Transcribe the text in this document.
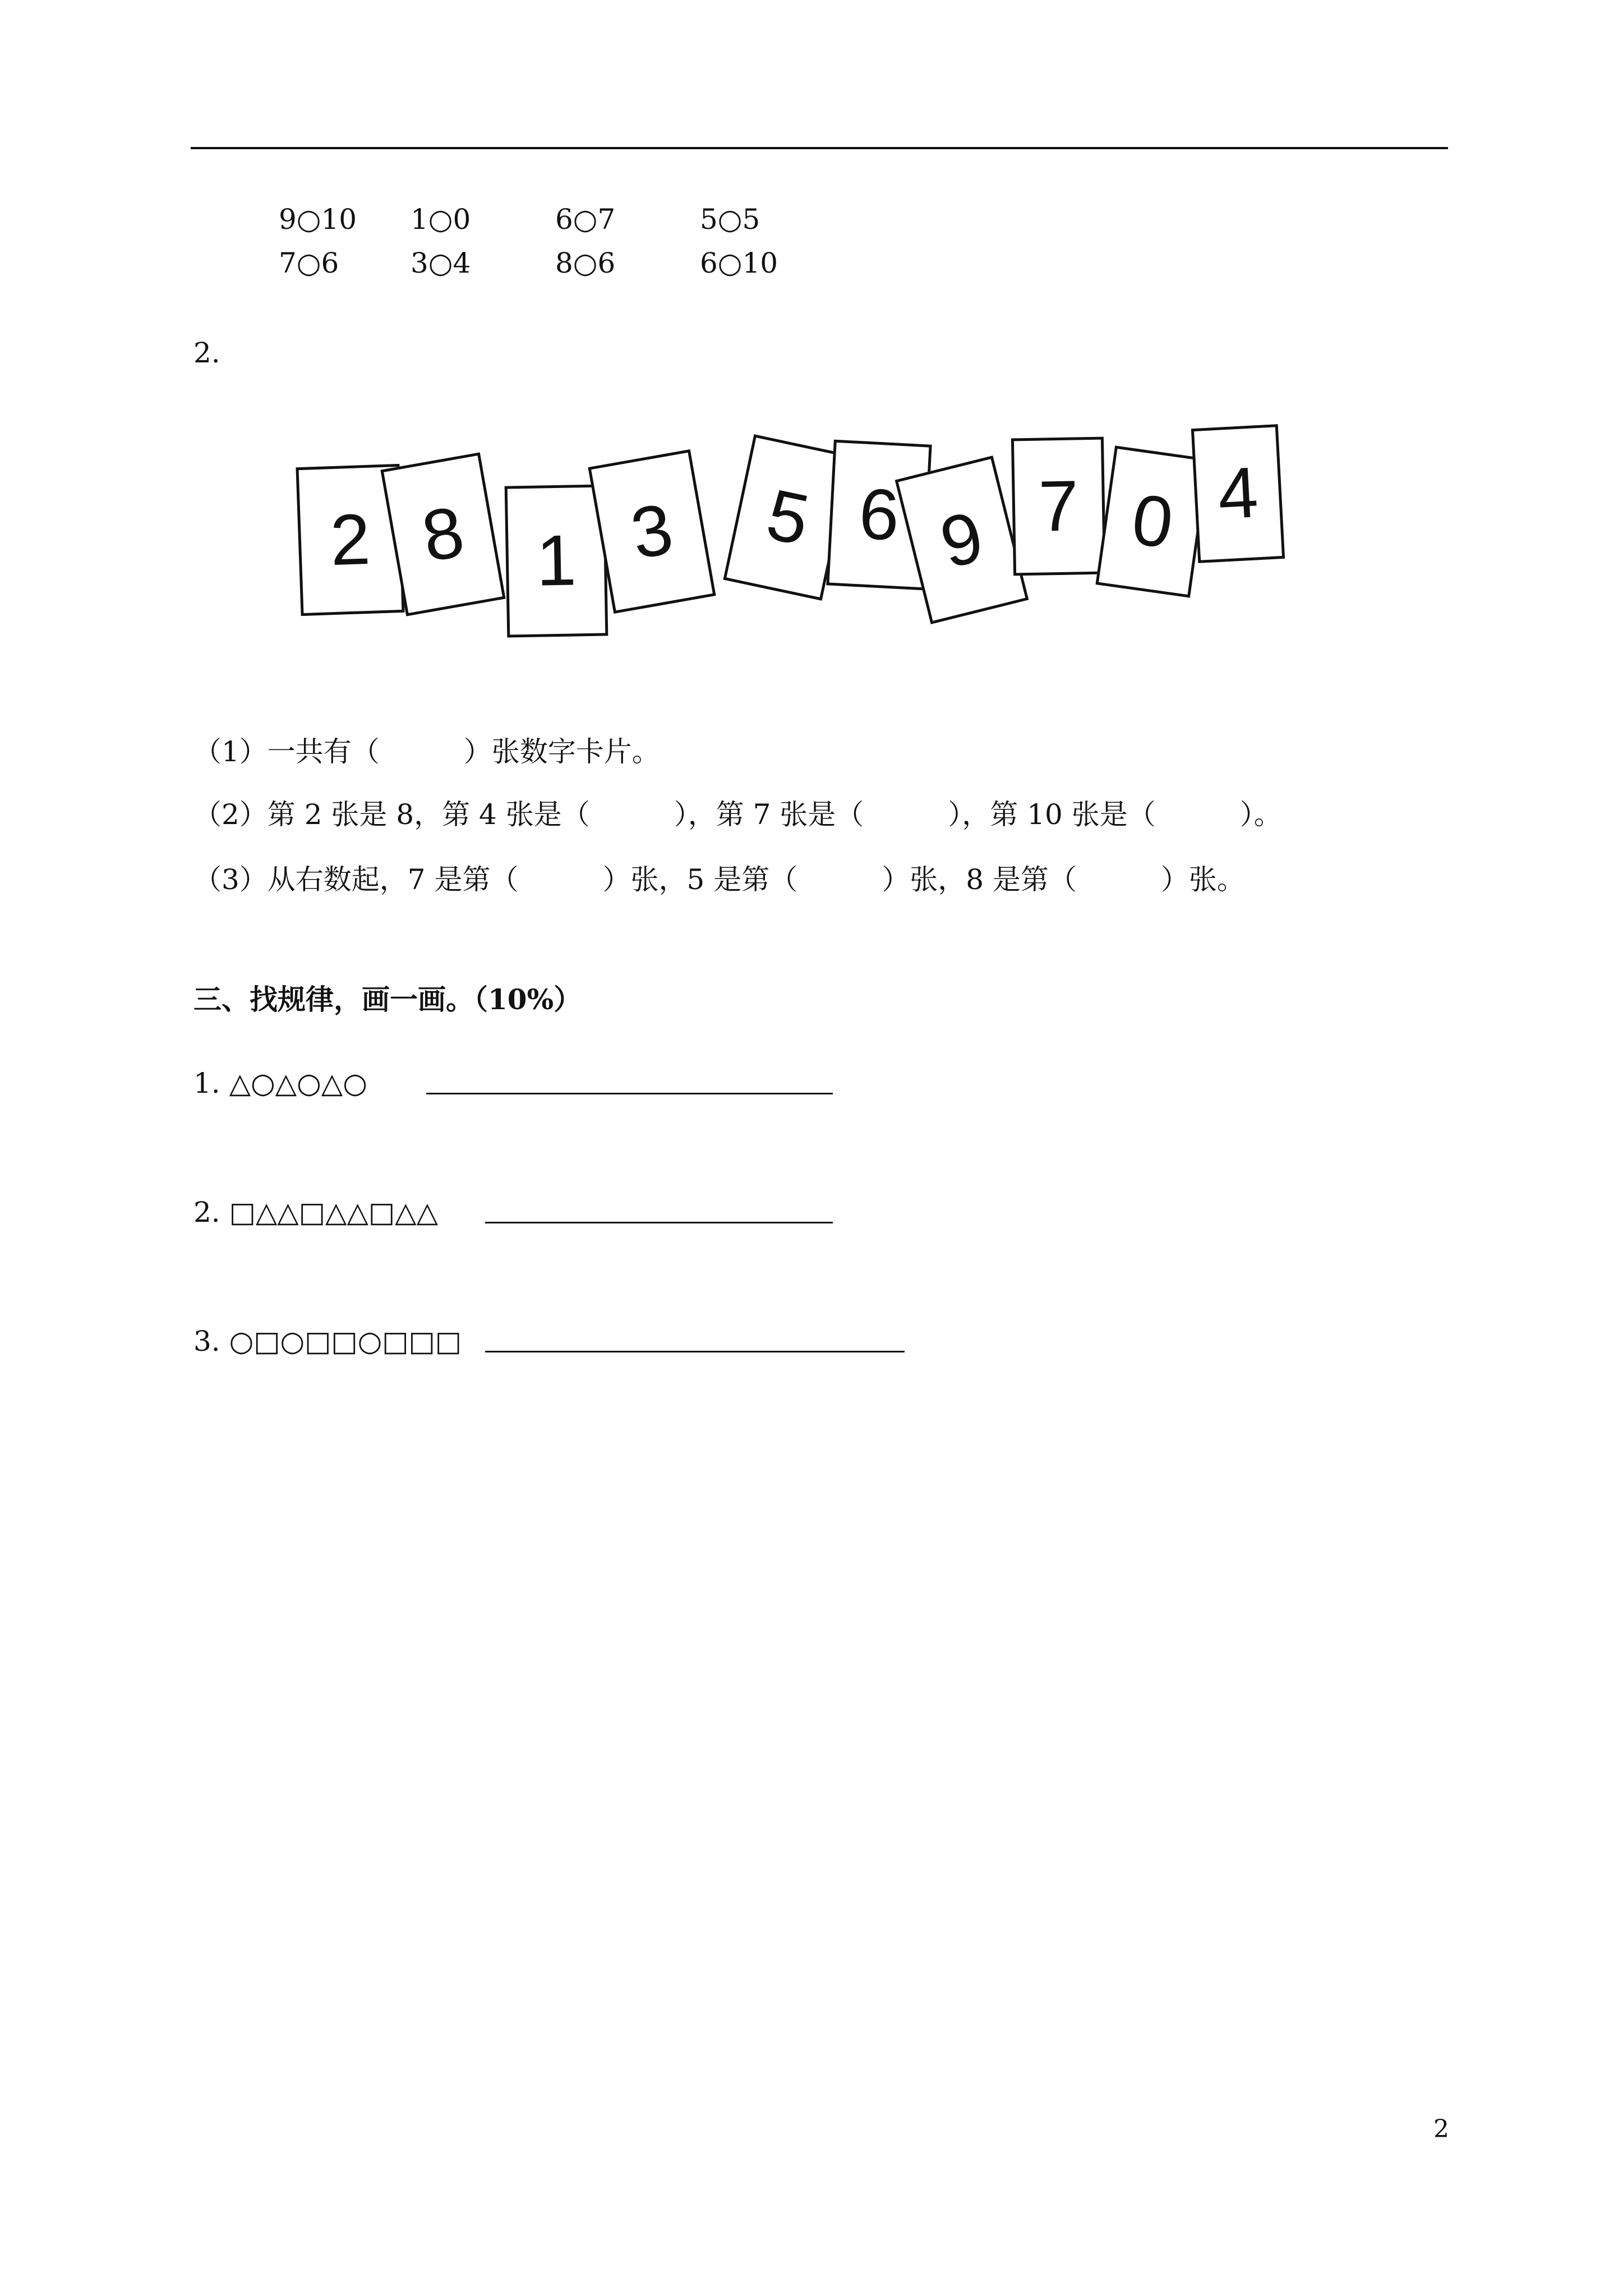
9○10 1○0	6○7	5○5
7○6	3○4	8○6	6○10
2.
2 8 1 3 5 6 9 7 0 4
（1）一共有（　　　）张数字卡片。
（2）第 2 张是 8，第 4 张是（　　　），第 7 张是（　　　），第 10 张是（　　　）。
（3）从右数起，7 是第（　　　）张，5 是第（　　　）张，8 是第（　　　）张。
三、找规律，画一画。（10%）
1. △○△○△○
2. □△△□△△□△△
3. ○□○□□○□□□
2
